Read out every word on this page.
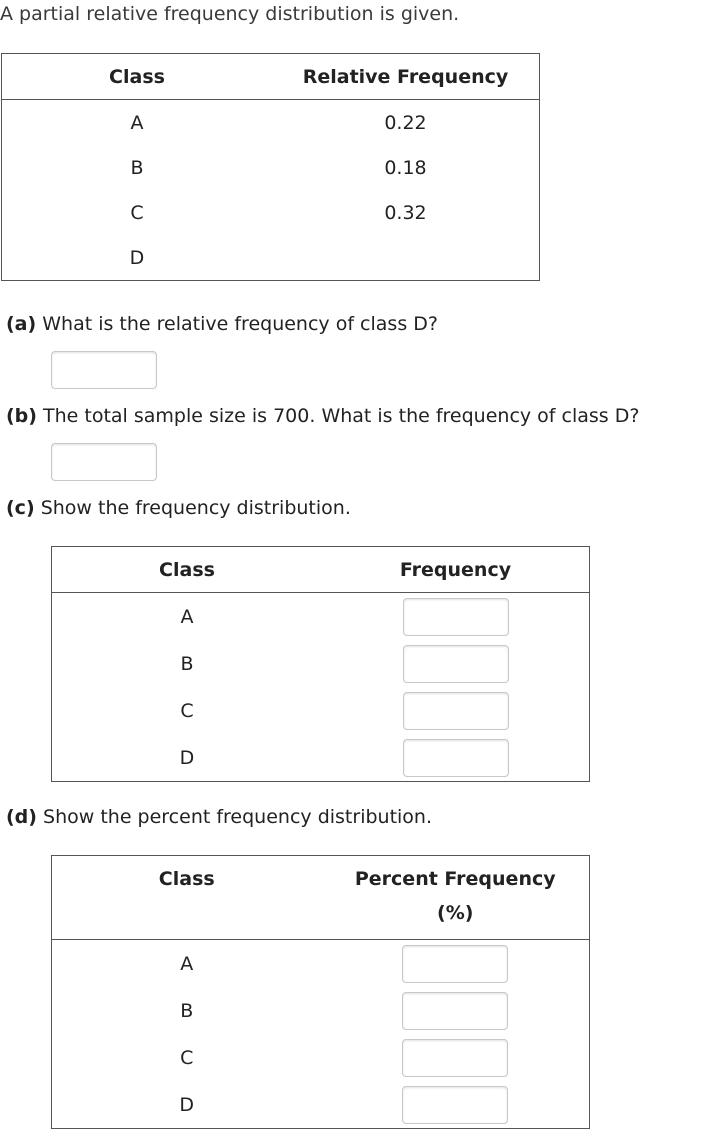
A partial relative frequency distribution is given.
Class	Relative Frequency
A	0.22
B	0.18
C	0.32
D	
(a) What is the relative frequency of class D?
(b) The total sample size is 700. What is the frequency of class D?
(c) Show the frequency distribution.
Class	Frequency
A	

B	

C	

D	
(d) Show the percent frequency distribution.
Class	Percent Frequency
(%)

A	

B	

C	

D	
